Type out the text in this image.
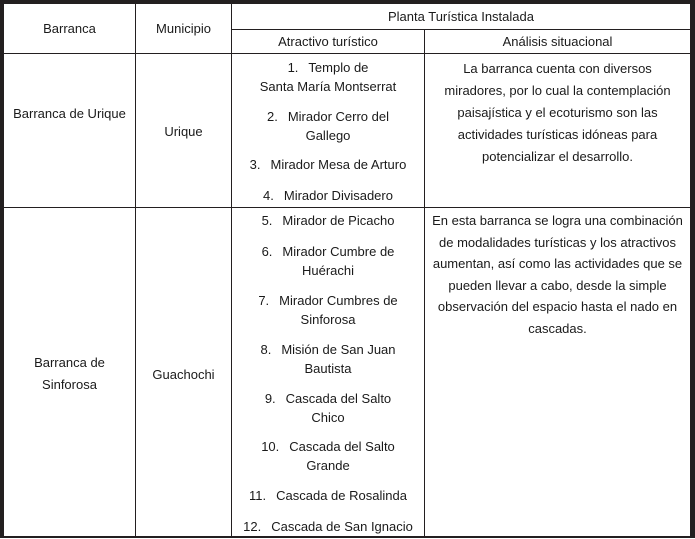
Barranca	Municipio
Planta Turística Instalada
Atractivo turístico	Análisis situacional
Barranca de Urique
Urique
1. Templo de
Santa María Montserrat
2. Mirador Cerro del
Gallego
3. Mirador Mesa de Arturo
4. Mirador Divisadero
La barranca cuenta con diversos miradores, por lo cual la contemplación paisajística y el ecoturismo son las actividades turísticas idóneas para potencializar el desarrollo.
Barranca de
Sinforosa
Guachochi
5. Mirador de Picacho
6. Mirador Cumbre de
Huérachi
7. Mirador Cumbres de
Sinforosa
8. Misión de San Juan
Bautista
9. Cascada del Salto
Chico
10. Cascada del Salto
Grande
11. Cascada de Rosalinda
12. Cascada de San Ignacio
En esta barranca se logra una combinación de modalidades turísticas y los atractivos aumentan, así como las actividades que se pueden llevar a cabo, desde la simple observación del espacio hasta el nado en cascadas.
